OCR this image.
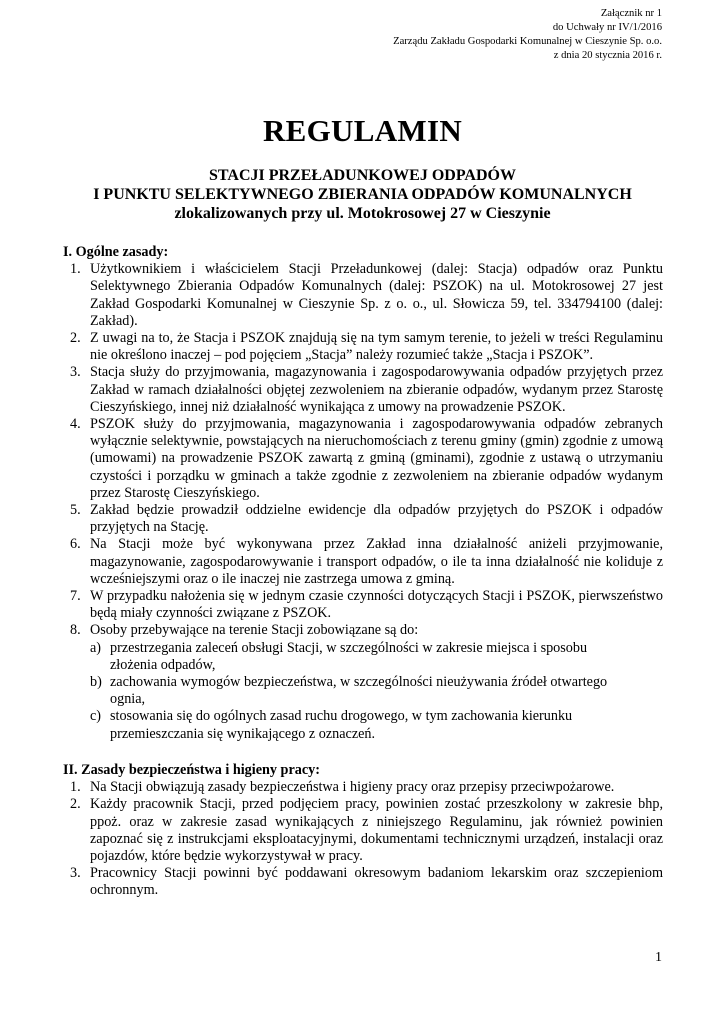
Załącznik nr 1
do Uchwały nr IV/1/2016
Zarządu Zakładu Gospodarki Komunalnej w Cieszynie Sp. o.o.
z dnia 20 stycznia 2016 r.
REGULAMIN
STACJI PRZEŁADUNKOWEJ ODPADÓW
I PUNKTU SELEKTYWNEGO ZBIERANIA ODPADÓW KOMUNALNYCH
zlokalizowanych przy ul. Motokrosowej 27 w Cieszynie

I. Ogólne zasady:

1. Użytkownikiem i właścicielem Stacji Przeładunkowej (dalej: Stacja) odpadów oraz Punktu Selektywnego Zbierania Odpadów Komunalnych (dalej: PSZOK) na ul. Motokrosowej 27 jest Zakład Gospodarki Komunalnej w Cieszynie Sp. z o. o., ul. Słowicza 59, tel. 334794100 (dalej: Zakład).
2. Z uwagi na to, że Stacja i PSZOK znajdują się na tym samym terenie, to jeżeli w treści Regulaminu nie określono inaczej – pod pojęciem „Stacja” należy rozumieć także „Stacja i PSZOK”.
3. Stacja służy do przyjmowania, magazynowania i zagospodarowywania odpadów przyjętych przez Zakład w ramach działalności objętej zezwoleniem na zbieranie odpadów, wydanym przez Starostę Cieszyńskiego, innej niż działalność wynikająca z umowy na prowadzenie PSZOK.
4. PSZOK służy do przyjmowania, magazynowania i zagospodarowywania odpadów zebranych wyłącznie selektywnie, powstających na nieruchomościach z terenu gminy (gmin) zgodnie z umową (umowami) na prowadzenie PSZOK zawartą z gminą (gminami), zgodnie z ustawą o utrzymaniu czystości i porządku w gminach a także zgodnie z zezwoleniem na zbieranie odpadów wydanym przez Starostę Cieszyńskiego.
5. Zakład będzie prowadził oddzielne ewidencje dla odpadów przyjętych do PSZOK i odpadów przyjętych na Stację.
6. Na Stacji może być wykonywana przez Zakład inna działalność aniżeli przyjmowanie, magazynowanie, zagospodarowywanie i transport odpadów, o ile ta inna działalność nie koliduje z wcześniejszymi oraz o ile inaczej nie zastrzega umowa z gminą.
7. W przypadku nałożenia się w jednym czasie czynności dotyczących Stacji i PSZOK, pierwszeństwo będą miały czynności związane z PSZOK.
8. Osoby przebywające na terenie Stacji zobowiązane są do:
a) przestrzegania zaleceń obsługi Stacji, w szczególności w zakresie miejsca i sposobu złożenia odpadów,
b) zachowania wymogów bezpieczeństwa, w szczególności nieużywania źródeł otwartego ognia,
c) stosowania się do ogólnych zasad ruchu drogowego, w tym zachowania kierunku przemieszczania się wynikającego z oznaczeń.

II. Zasady bezpieczeństwa i higieny pracy:

1. Na Stacji obwiązują zasady bezpieczeństwa i higieny pracy oraz przepisy przeciwpożarowe.
2. Każdy pracownik Stacji, przed podjęciem pracy, powinien zostać przeszkolony w zakresie bhp, ppoż. oraz w zakresie zasad wynikających z niniejszego Regulaminu, jak również powinien zapoznać się z instrukcjami eksploatacyjnymi, dokumentami technicznymi urządzeń, instalacji oraz pojazdów, które będzie wykorzystywał w pracy.
3. Pracownicy Stacji powinni być poddawani okresowym badaniom lekarskim oraz szczepieniom ochronnym.
1
